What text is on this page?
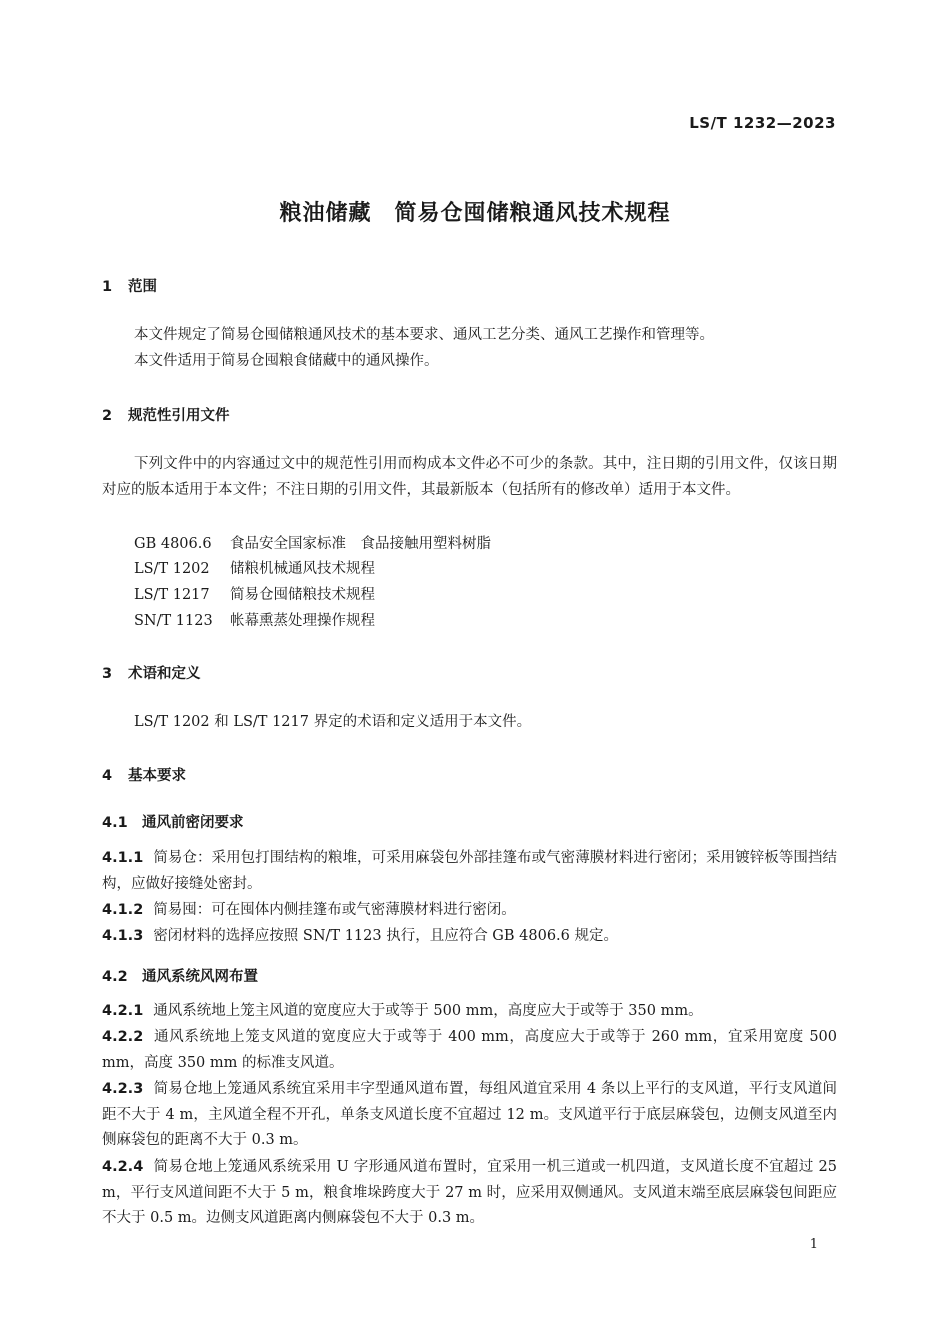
LS/T 1232—2023
粮油储藏　简易仓囤储粮通风技术规程
1 范围
本文件规定了简易仓囤储粮通风技术的基本要求、通风工艺分类、通风工艺操作和管理等。
本文件适用于简易仓囤粮食储藏中的通风操作。
2 规范性引用文件
下列文件中的内容通过文中的规范性引用而构成本文件必不可少的条款。其中，注日期的引用文件，仅该日期对应的版本适用于本文件；不注日期的引用文件，其最新版本（包括所有的修改单）适用于本文件。
GB 4806.6 食品安全国家标准　食品接触用塑料树脂
LS/T 1202 储粮机械通风技术规程
LS/T 1217 简易仓囤储粮技术规程
SN/T 1123 帐幕熏蒸处理操作规程
3 术语和定义
LS/T 1202 和 LS/T 1217 界定的术语和定义适用于本文件。
4 基本要求
4.1 通风前密闭要求
4.1.1 简易仓：采用包打围结构的粮堆，可采用麻袋包外部挂篷布或气密薄膜材料进行密闭；采用镀锌板等围挡结构，应做好接缝处密封。
4.1.2 简易囤：可在囤体内侧挂篷布或气密薄膜材料进行密闭。
4.1.3 密闭材料的选择应按照 SN/T 1123 执行，且应符合 GB 4806.6 规定。
4.2 通风系统风网布置
4.2.1 通风系统地上笼主风道的宽度应大于或等于 500 mm，高度应大于或等于 350 mm。
4.2.2 通风系统地上笼支风道的宽度应大于或等于 400 mm，高度应大于或等于 260 mm，宜采用宽度 500 mm，高度 350 mm 的标准支风道。
4.2.3 简易仓地上笼通风系统宜采用丰字型通风道布置，每组风道宜采用 4 条以上平行的支风道，平行支风道间距不大于 4 m，主风道全程不开孔，单条支风道长度不宜超过 12 m。支风道平行于底层麻袋包，边侧支风道至内侧麻袋包的距离不大于 0.3 m。
4.2.4 简易仓地上笼通风系统采用 U 字形通风道布置时，宜采用一机三道或一机四道，支风道长度不宜超过 25 m，平行支风道间距不大于 5 m，粮食堆垛跨度大于 27 m 时，应采用双侧通风。支风道末端至底层麻袋包间距应不大于 0.5 m。边侧支风道距离内侧麻袋包不大于 0.3 m。
1
